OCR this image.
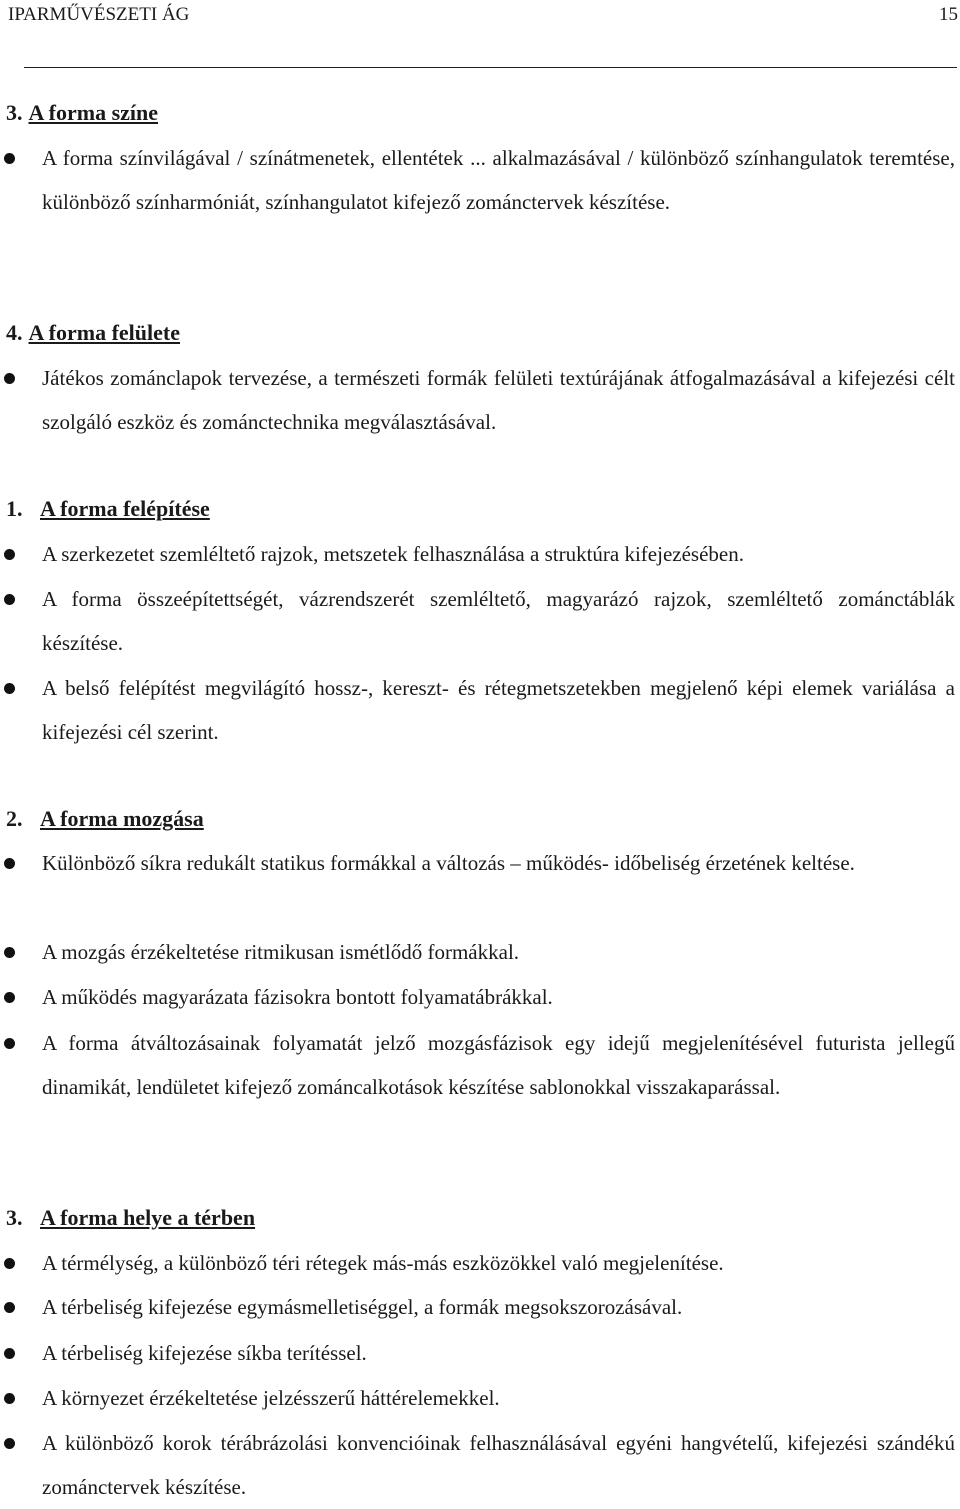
IPARMŰVÉSZETI ÁG	15
3. A forma színe
A forma színvilágával / színátmenetek, ellentétek ... alkalmazásával / különböző színhangulatok teremtése, különböző színharmóniát, színhangulatot kifejező zománctervek készítése.
4. A forma felülete
Játékos zománclapok tervezése, a természeti formák felületi textúrájának átfogalmazásával a kifejezési célt szolgáló eszköz és zománctechnika megválasztásával.
1. A forma felépítése
A szerkezetet szemléltető rajzok, metszetek felhasználása a struktúra kifejezésében.
A forma összeépítettségét, vázrendszerét szemléltető, magyarázó rajzok, szemléltető zománctáblák készítése.
A belső felépítést megvilágító hossz-, kereszt- és rétegmetszetekben megjelenő képi elemek variálása a kifejezési cél szerint.
2. A forma mozgása
Különböző síkra redukált statikus formákkal a változás – működés- időbeliség érzetének keltése.
A mozgás érzékeltetése ritmikusan ismétlődő formákkal.
A működés magyarázata fázisokra bontott folyamatábrákkal.
A forma átváltozásainak folyamatát jelző mozgásfázisok egy idejű megjelenítésével futurista jellegű dinamikát, lendületet kifejező zománcalkotások készítése sablonokkal visszakaparással.
3. A forma helye a térben
A térmélység, a különböző téri rétegek más-más eszközökkel való megjelenítése.
A térbeliség kifejezése egymásmelletiséggel, a formák megsokszorozásával.
A térbeliség kifejezése síkba terítéssel.
A környezet érzékeltetése jelzésszerű háttérelemekkel.
A különböző korok térábrázolási konvencióinak felhasználásával egyéni hangvételű, kifejezési szándékú zománctervek készítése.
